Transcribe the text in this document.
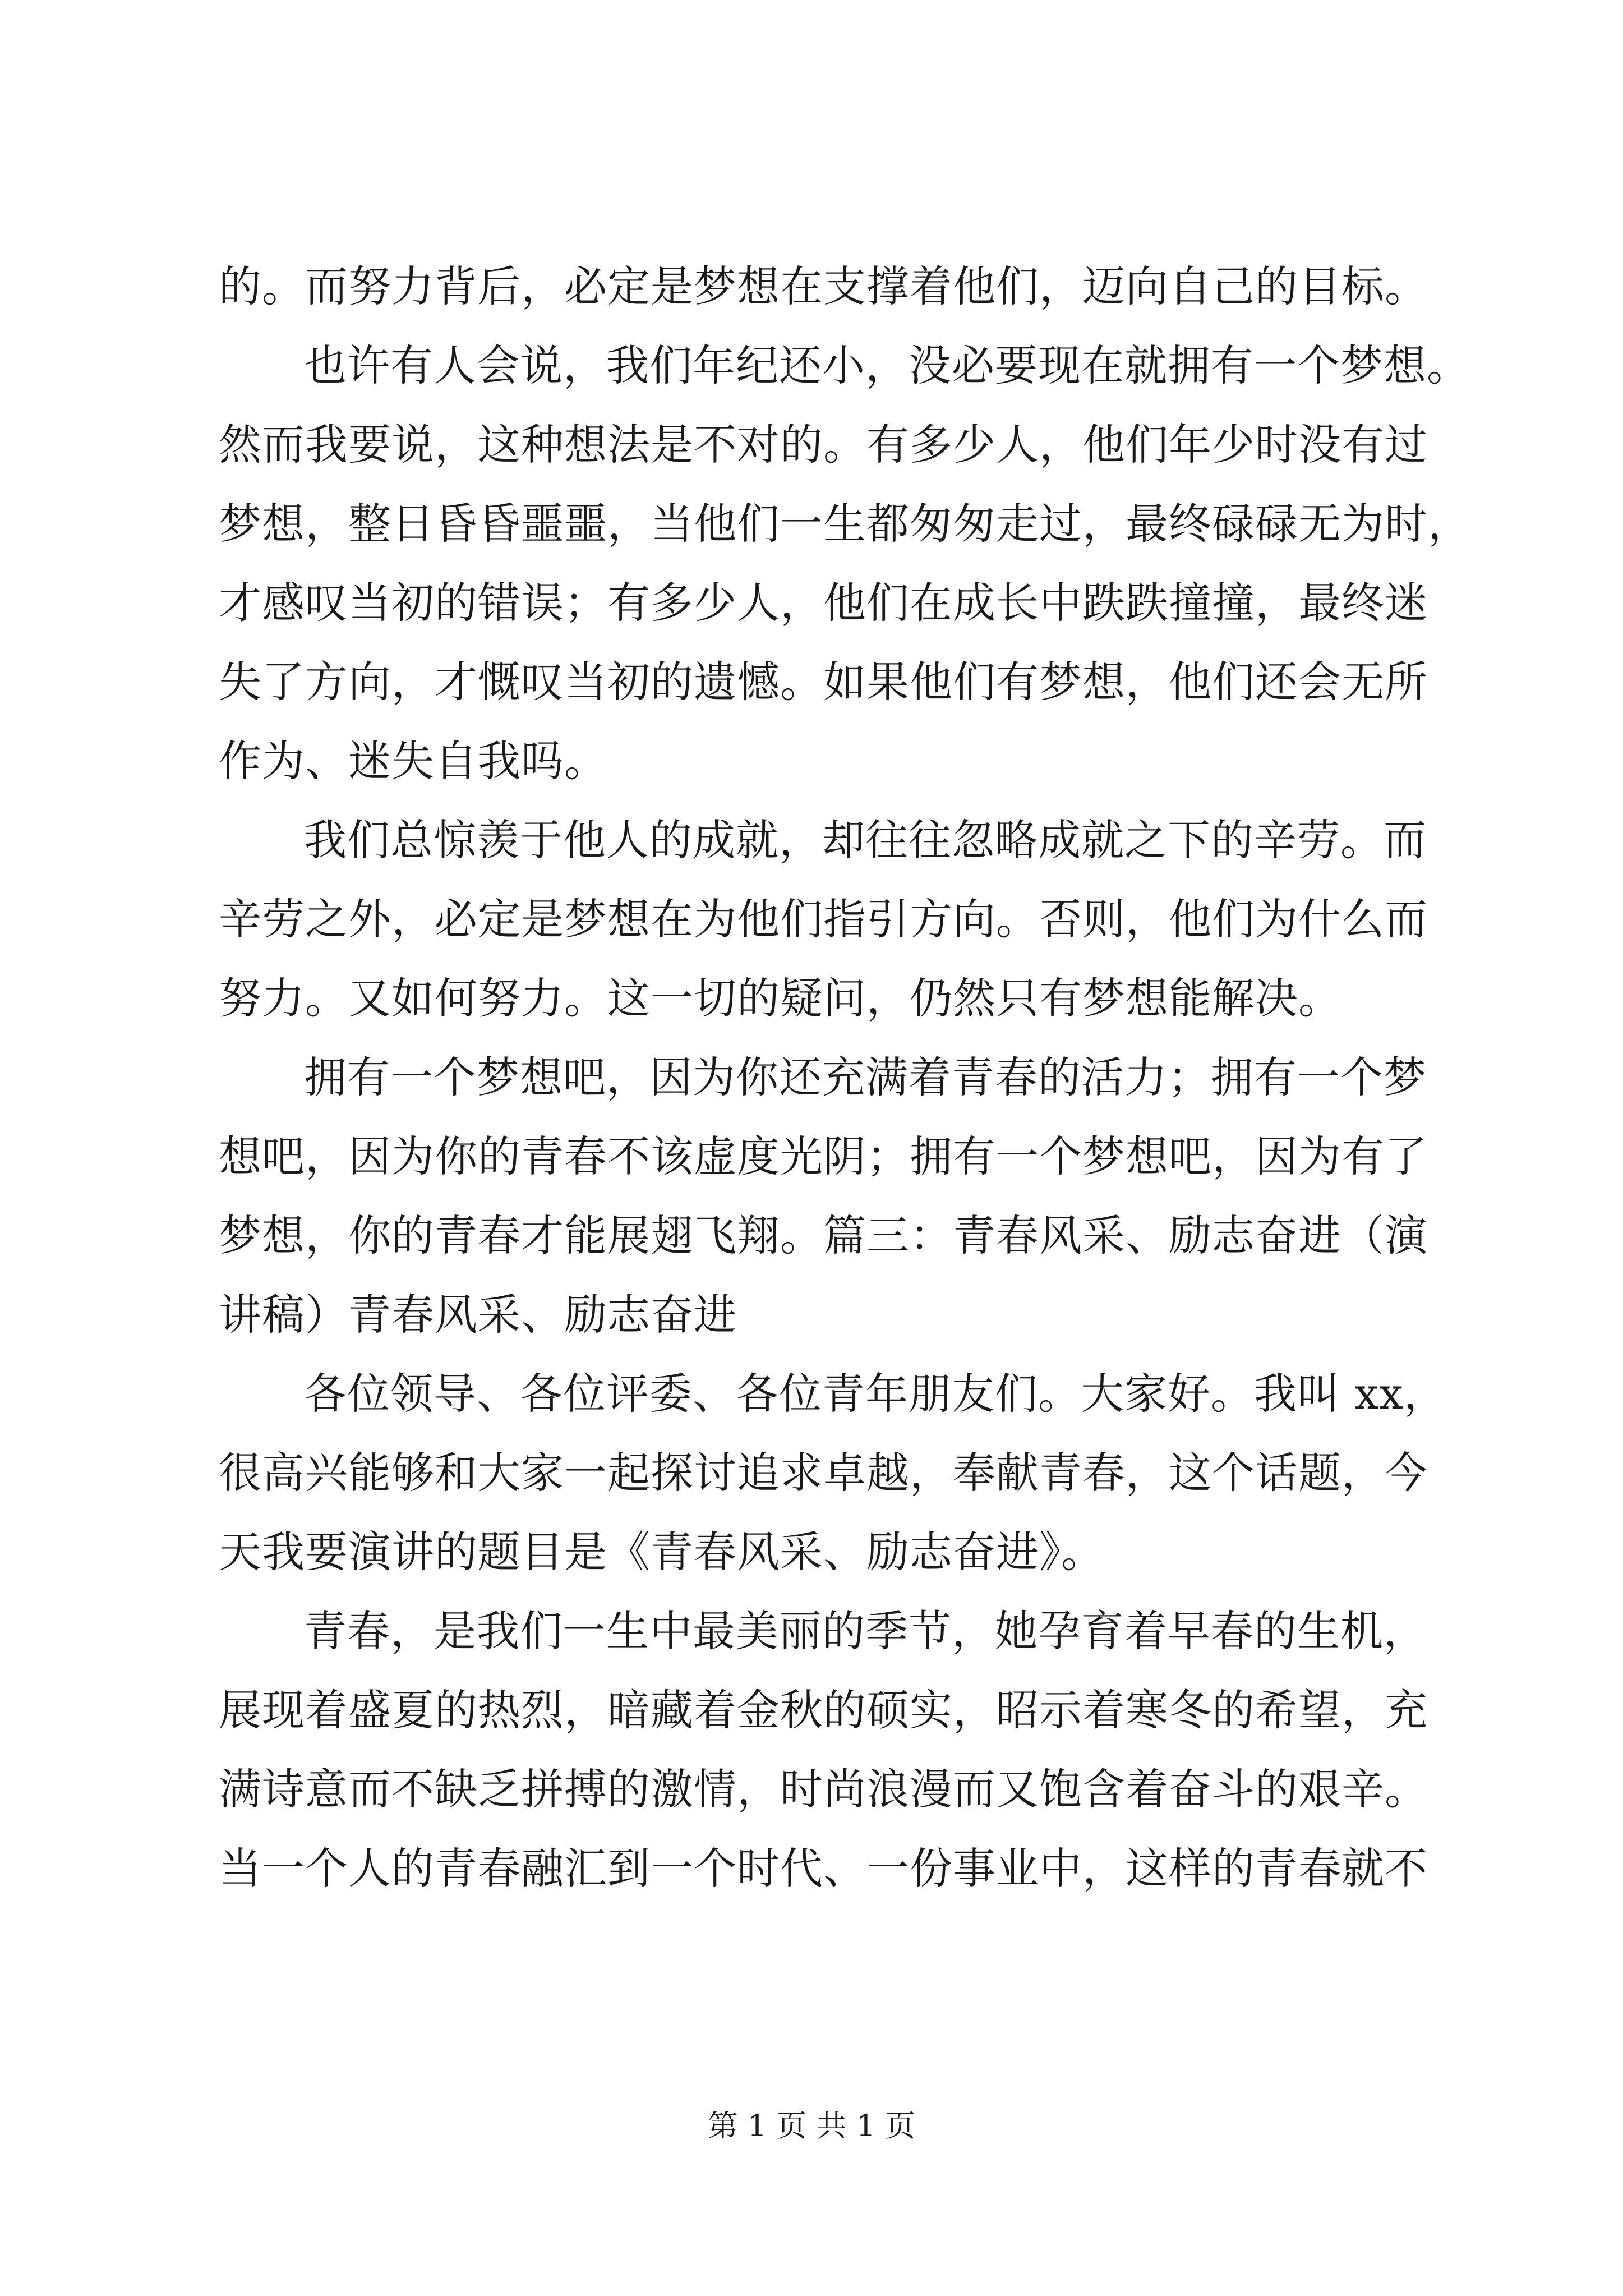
的。而努力背后，必定是梦想在支撑着他们，迈向自己的目标。
也许有人会说，我们年纪还小，没必要现在就拥有一个梦想。
然而我要说，这种想法是不对的。有多少人，他们年少时没有过
梦想，整日昏昏噩噩，当他们一生都匆匆走过，最终碌碌无为时，
才感叹当初的错误；有多少人，他们在成长中跌跌撞撞，最终迷
失了方向，才慨叹当初的遗憾。如果他们有梦想，他们还会无所
作为、迷失自我吗。
我们总惊羡于他人的成就，却往往忽略成就之下的辛劳。而
辛劳之外，必定是梦想在为他们指引方向。否则，他们为什么而
努力。又如何努力。这一切的疑问，仍然只有梦想能解决。
拥有一个梦想吧，因为你还充满着青春的活力；拥有一个梦
想吧，因为你的青春不该虚度光阴；拥有一个梦想吧，因为有了
梦想，你的青春才能展翅飞翔。篇三：青春风采、励志奋进（演
讲稿）青春风采、励志奋进
各位领导、各位评委、各位青年朋友们。大家好。我叫 xx，
很高兴能够和大家一起探讨追求卓越，奉献青春，这个话题，今
天我要演讲的题目是《青春风采、励志奋进》。
青春，是我们一生中最美丽的季节，她孕育着早春的生机，
展现着盛夏的热烈，暗藏着金秋的硕实，昭示着寒冬的希望，充
满诗意而不缺乏拼搏的激情，时尚浪漫而又饱含着奋斗的艰辛。
当一个人的青春融汇到一个时代、一份事业中，这样的青春就不
第 1 页 共 1 页
